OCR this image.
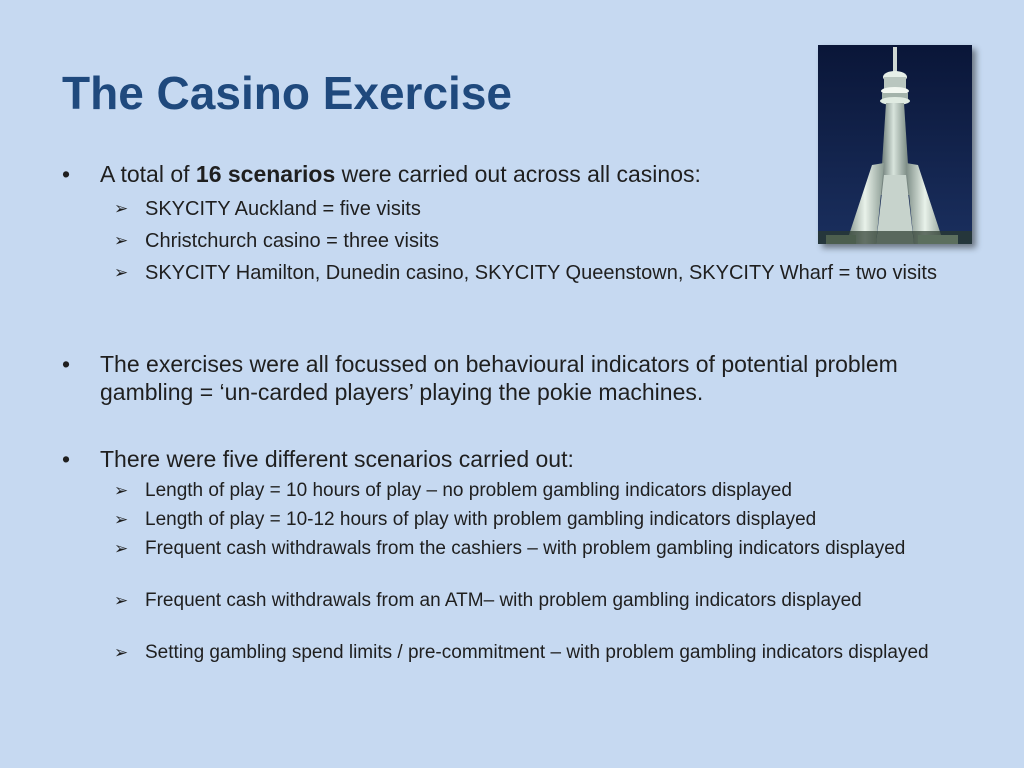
The Casino Exercise
•	A total of 16 scenarios were carried out across all casinos:
➢ SKYCITY Auckland = five visits
➢ Christchurch casino = three visits
➢ SKYCITY Hamilton, Dunedin casino, SKYCITY Queenstown, SKYCITY Wharf = two visits
•	The exercises were all focussed on behavioural indicators of potential problem gambling = ‘un-carded players’ playing the pokie machines.
•	There were five different scenarios carried out:
➢ Length of play = 10 hours of play – no problem gambling indicators displayed
➢ Length of play = 10-12 hours of play with problem gambling indicators displayed
➢ Frequent cash withdrawals from the cashiers – with problem gambling indicators displayed
➢ Frequent cash withdrawals from an ATM– with problem gambling indicators displayed
➢ Setting gambling spend limits / pre-commitment – with problem gambling indicators displayed
